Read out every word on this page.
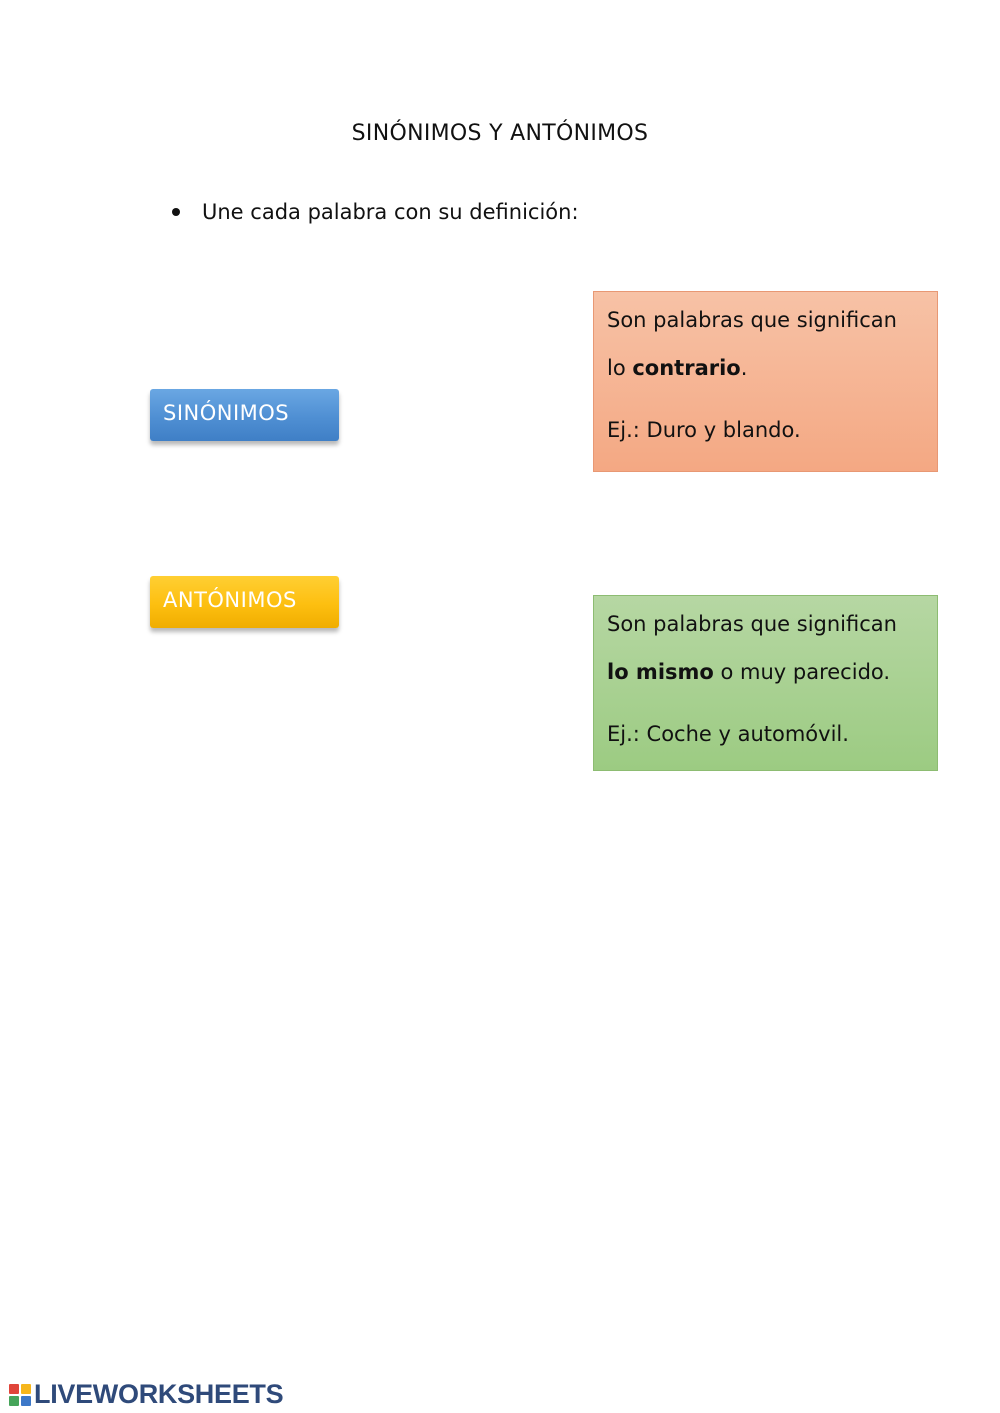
SINÓNIMOS Y ANTÓNIMOS
Une cada palabra con su definición:
SINÓNIMOS
ANTÓNIMOS
Son palabras que significan
lo contrario.
Ej.: Duro y blando.
Son palabras que significan
lo mismo o muy parecido.
Ej.: Coche y automóvil.
LIVEWORKSHEETS
